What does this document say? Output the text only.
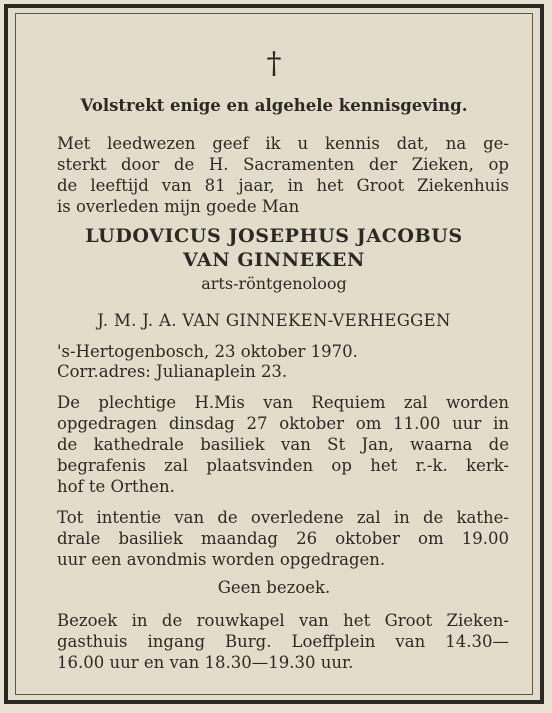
†
Volstrekt enige en algehele kennisgeving.
Met leedwezen geef ik u kennis dat, na ge-
sterkt door de H. Sacramenten der Zieken, op
de leeftijd van 81 jaar, in het Groot Ziekenhuis
is overleden mijn goede Man
LUDOVICUS JOSEPHUS JACOBUS
VAN GINNEKEN
arts-röntgenoloog
J. M. J. A. VAN GINNEKEN-VERHEGGEN
's-Hertogenbosch, 23 oktober 1970.
Corr.adres: Julianaplein 23.
De plechtige H.Mis van Requiem zal worden
opgedragen dinsdag 27 oktober om 11.00 uur in
de kathedrale basiliek van St Jan, waarna de
begrafenis zal plaatsvinden op het r.-k. kerk-
hof te Orthen.
Tot intentie van de overledene zal in de kathe-
drale basiliek maandag 26 oktober om 19.00
uur een avondmis worden opgedragen.
Geen bezoek.
Bezoek in de rouwkapel van het Groot Zieken-
gasthuis ingang Burg. Loeffplein van 14.30—
16.00 uur en van 18.30—19.30 uur.
